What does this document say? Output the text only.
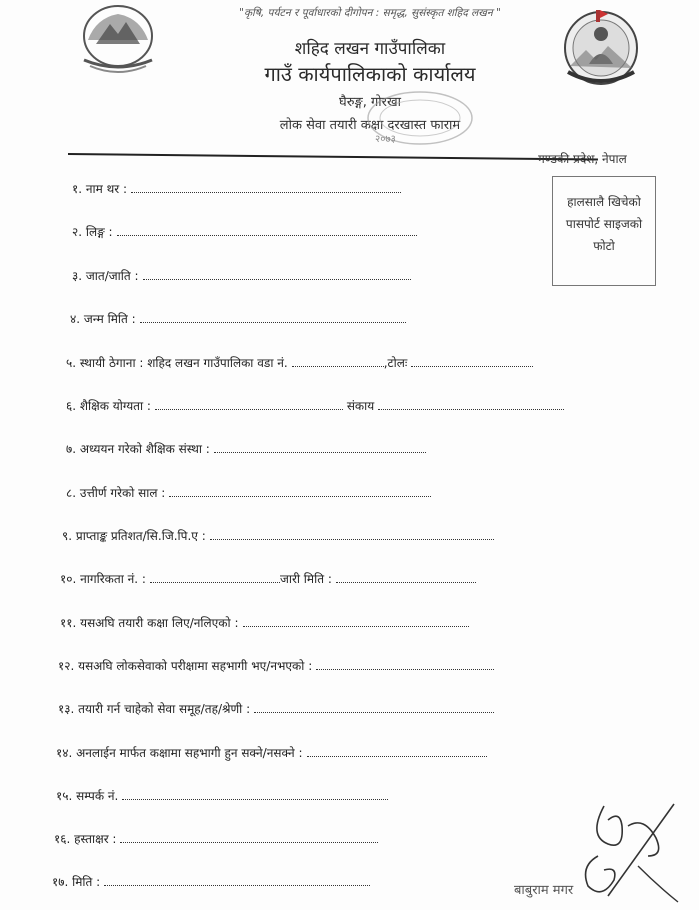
"कृषि, पर्यटन र पूर्वाधारको दीगोपन : समृद्ध, सुसंस्कृत शहिद लखन "
शहिद लखन गाउँपालिका
गाउँ कार्यपालिकाको कार्यालय
घैरुङ्ग, गोरखा
लोक सेवा तयारी कक्षा दरखास्त फाराम
२०७३
गण्डकी प्रदेश, नेपाल
हालसालै खिचेको
पासपोर्ट साइजको
फोटो
१. नाम थर :
२. लिङ्ग :
३. जात/जाति :
४. जन्म मिति :
५. स्थायी ठेगाना : शहिद लखन गाउँपालिका वडा नं.	,टोलः
६. शैक्षिक योग्यता :	संकाय
७. अध्ययन गरेको शैक्षिक संस्था :
८. उत्तीर्ण गरेको साल :
९. प्राप्ताङ्क प्रतिशत/सि.जि.पि.ए :
१०. नागरिकता नं. :	जारी मिति :
११. यसअघि तयारी कक्षा लिए/नलिएको :
१२. यसअघि लोकसेवाको परीक्षामा सहभागी भए/नभएको :
१३. तयारी गर्न चाहेको सेवा समूह/तह/श्रेणी :
१४. अनलाईन मार्फत कक्षामा सहभागी हुन सक्ने/नसक्ने :
१५. सम्पर्क नं.
१६. हस्ताक्षर :
१७. मिति :
बाबुराम मगर
